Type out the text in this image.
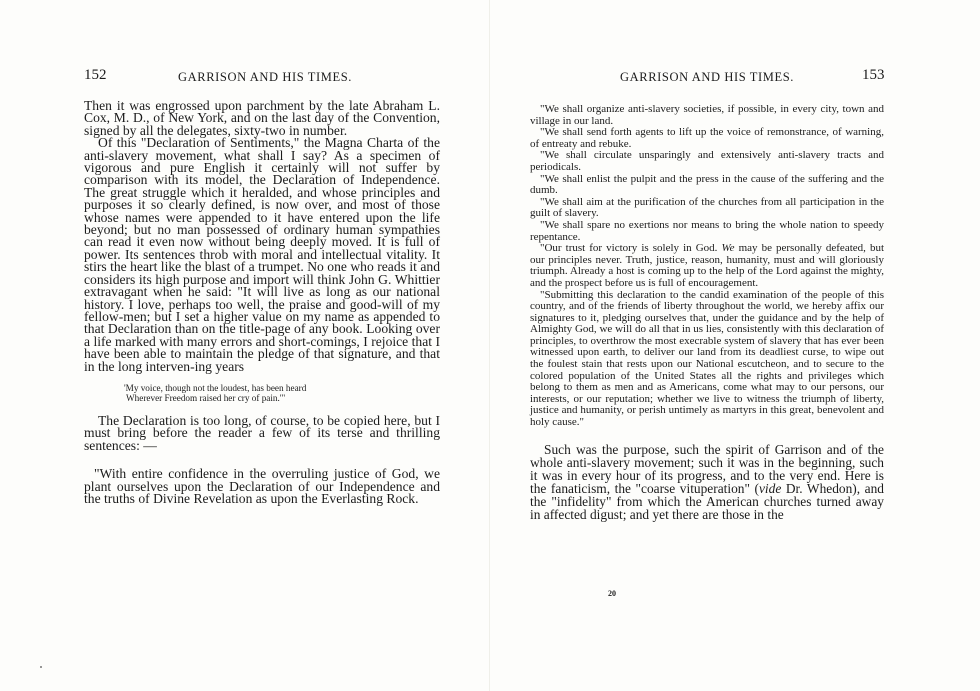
152	GARRISON AND HIS TIMES.

Then it was engrossed upon parchment by the late Abraham L. Cox, M. D., of New York, and on the last day of the Convention, signed by all the delegates, sixty-two in number.

Of this "Declaration of Sentiments," the Magna Charta of the anti-slavery movement, what shall I say? As a specimen of vigorous and pure English it certainly will not suffer by comparison with its model, the Declaration of Independence. The great struggle which it heralded, and whose principles and purposes it so clearly defined, is now over, and most of those whose names were appended to it have entered upon the life beyond; but no man possessed of ordinary human sympathies can read it even now without being deeply moved. It is full of power. Its sentences throb with moral and intellectual vitality. It stirs the heart like the blast of a trumpet. No one who reads it and considers its high purpose and import will think John G. Whittier extravagant when he said: "It will live as long as our national history. I love, perhaps too well, the praise and good-will of my fellow-men; but I set a higher value on my name as appended to that Declaration than on the title-page of any book. Looking over a life marked with many errors and short-comings, I rejoice that I have been able to maintain the pledge of that signature, and that in the long interven-ing years

'My voice, though not the loudest, has been heard
Wherever Freedom raised her cry of pain.'"

The Declaration is too long, of course, to be copied here, but I must bring before the reader a few of its terse and thrilling sentences: —

"With entire confidence in the overruling justice of God, we plant ourselves upon the Declaration of our Independence and the truths of Divine Revelation as upon the Everlasting Rock.

GARRISON AND HIS TIMES.	153

"We shall organize anti-slavery societies, if possible, in every city, town and village in our land.

"We shall send forth agents to lift up the voice of remonstrance, of warning, of entreaty and rebuke.

"We shall circulate unsparingly and extensively anti-slavery tracts and periodicals.

"We shall enlist the pulpit and the press in the cause of the suffering and the dumb.

"We shall aim at the purification of the churches from all participation in the guilt of slavery.

"We shall spare no exertions nor means to bring the whole nation to speedy repentance.

"Our trust for victory is solely in God. We may be personally defeated, but our principles never. Truth, justice, reason, humanity, must and will gloriously triumph. Already a host is coming up to the help of the Lord against the mighty, and the prospect before us is full of encouragement.

"Submitting this declaration to the candid examination of the people of this country, and of the friends of liberty throughout the world, we hereby affix our signatures to it, pledging ourselves that, under the guidance and by the help of Almighty God, we will do all that in us lies, consistently with this declaration of principles, to overthrow the most execrable system of slavery that has ever been witnessed upon earth, to deliver our land from its deadliest curse, to wipe out the foulest stain that rests upon our National escutcheon, and to secure to the colored population of the United States all the rights and privileges which belong to them as men and as Americans, come what may to our persons, our interests, or our reputation; whether we live to witness the triumph of liberty, justice and humanity, or perish untimely as martyrs in this great, benevolent and holy cause."

Such was the purpose, such the spirit of Garrison and of the whole anti-slavery movement; such it was in the beginning, such it was in every hour of its progress, and to the very end. Here is the fanaticism, the "coarse vituperation" (vide Dr. Whedon), and the "infidelity" from which the American churches turned away in affected digust; and yet there are those in the

20
